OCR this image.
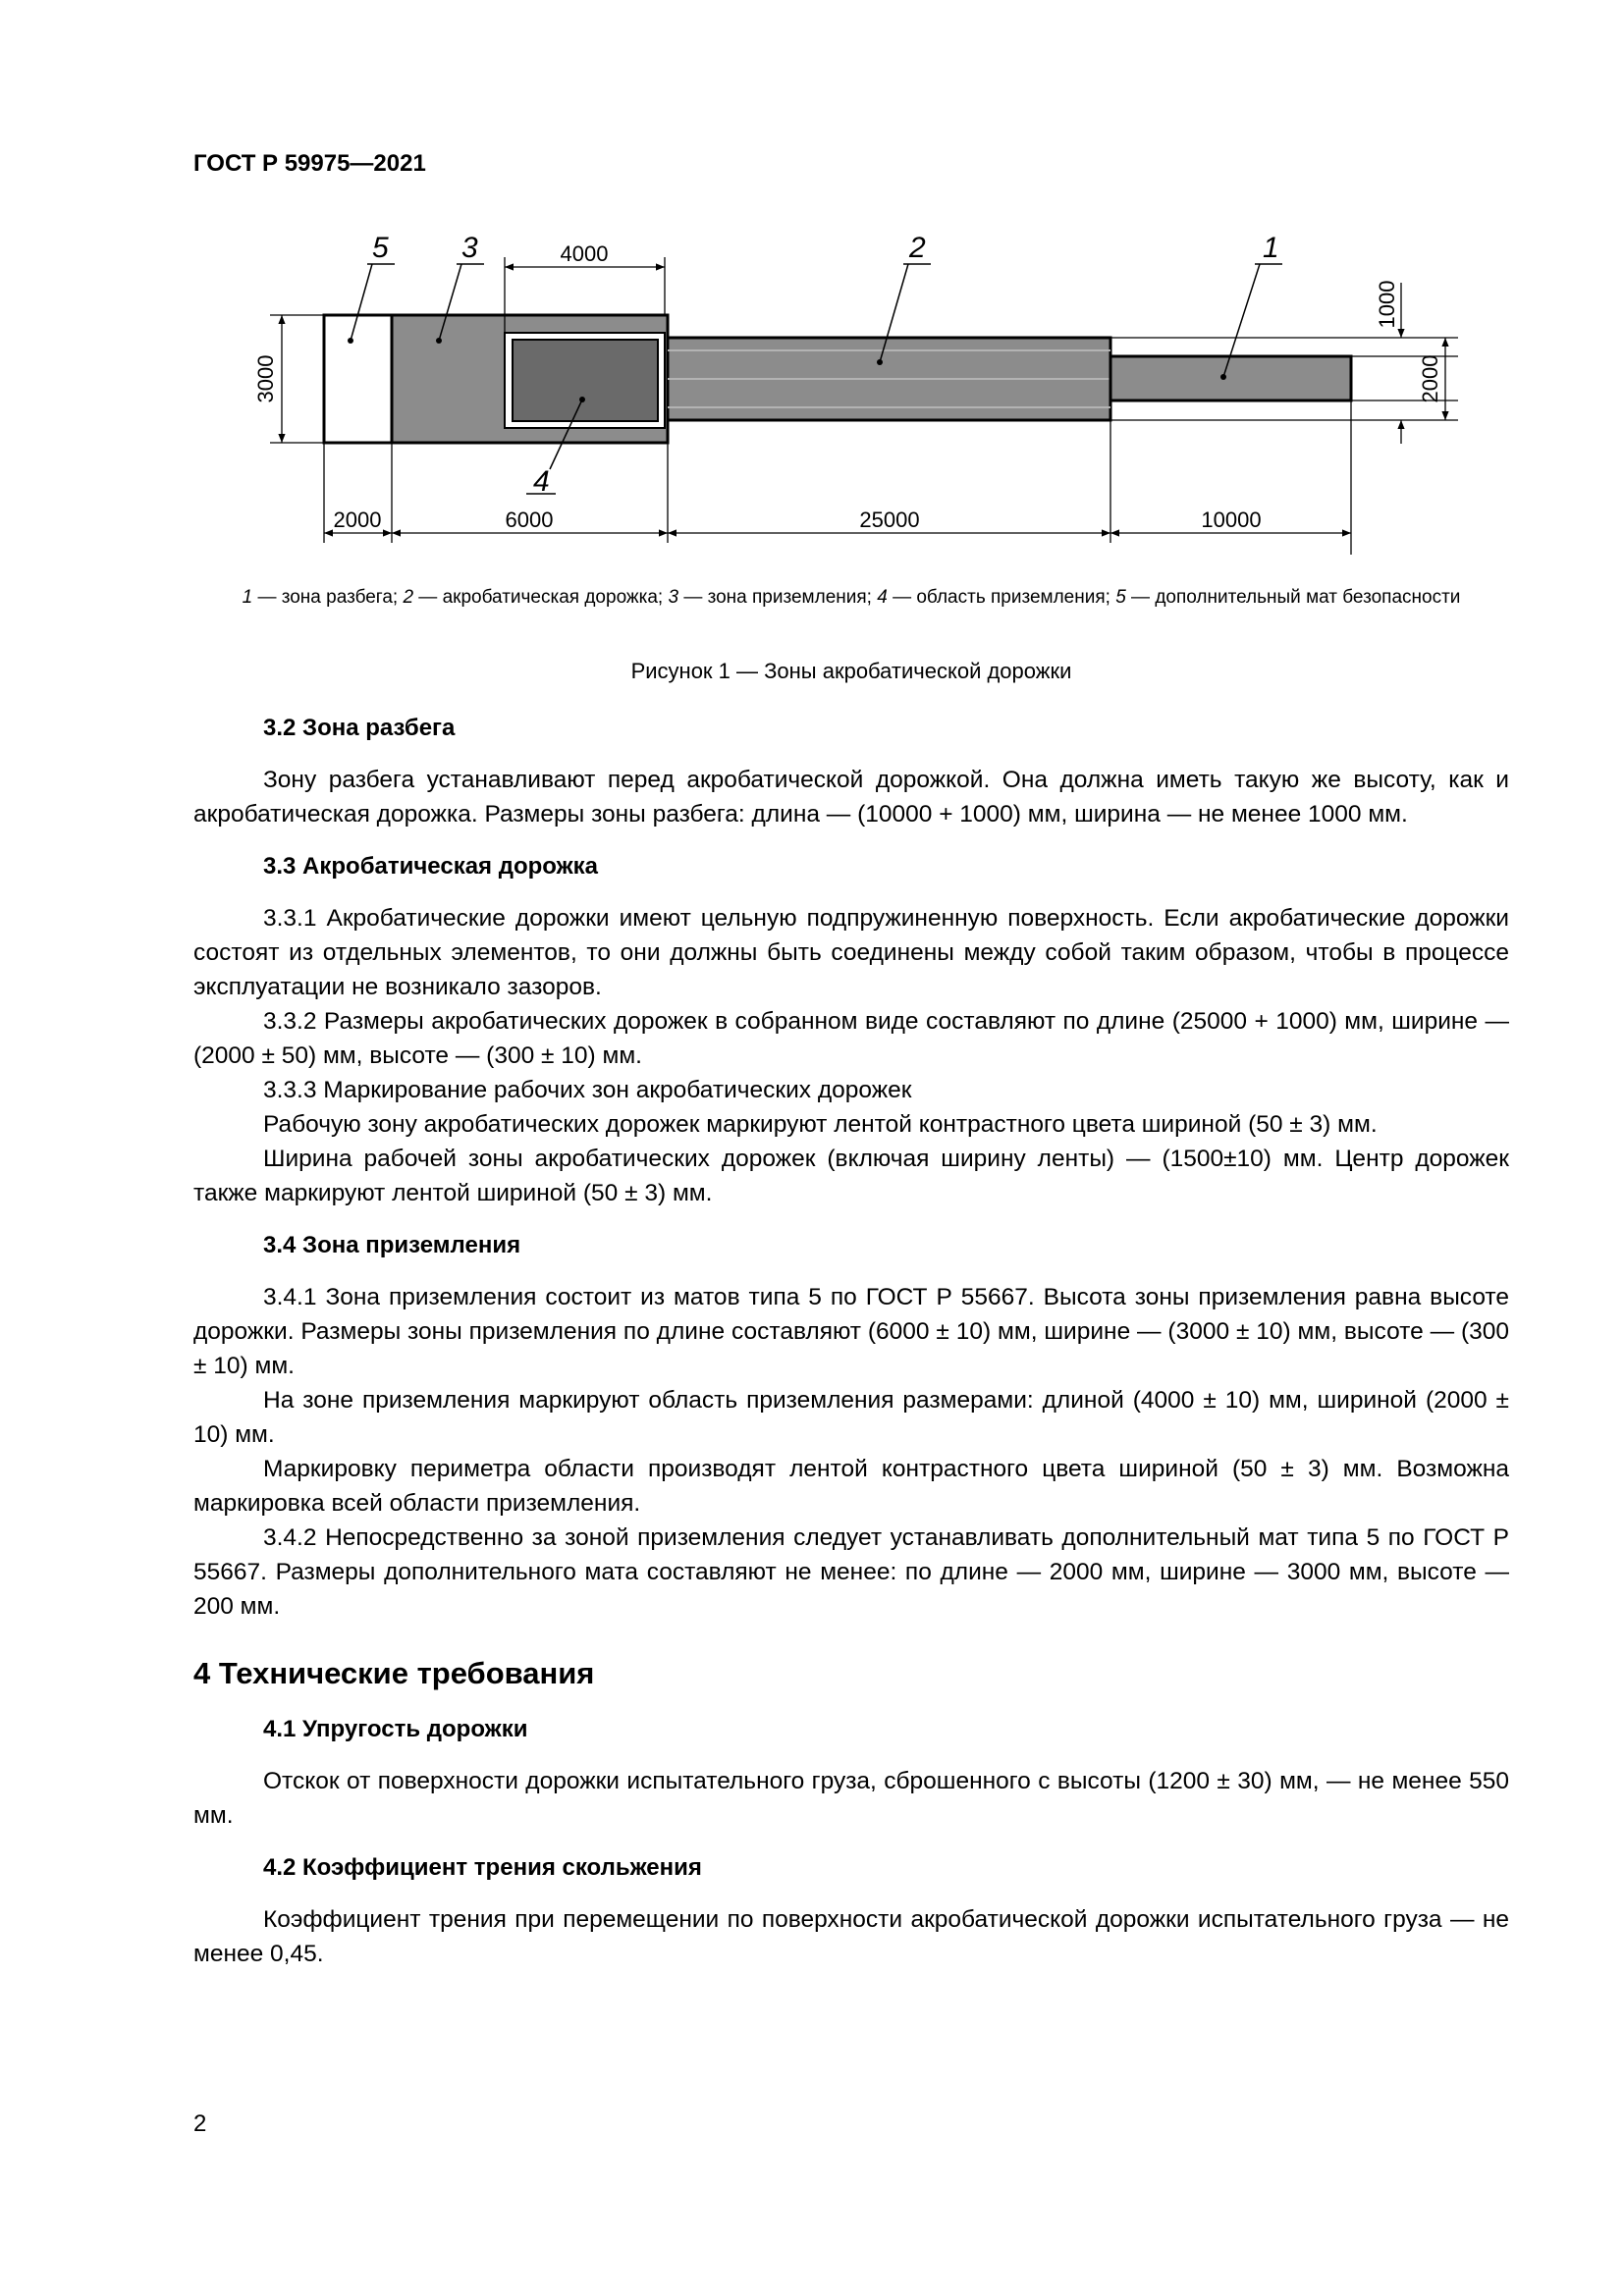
ГОСТ Р 59975—2021
5 3	2	1
4
4000
3000
1000
2000
2000	6000	25000	10000
1 — зона разбега; 2 — акробатическая дорожка; 3 — зона приземления; 4 — область приземления; 5 — дополнительный мат безопасности
Рисунок 1 — Зоны акробатической дорожки
3.2 Зона разбега

Зону разбега устанавливают перед акробатической дорожкой. Она должна иметь такую же высоту, как и акробатическая дорожка. Размеры зоны разбега: длина — (10000 + 1000) мм, ширина — не менее 1000 мм.

3.3 Акробатическая дорожка

3.3.1 Акробатические дорожки имеют цельную подпружиненную поверхность. Если акробатические дорожки состоят из отдельных элементов, то они должны быть соединены между собой таким образом, чтобы в процессе эксплуатации не возникало зазоров.

3.3.2 Размеры акробатических дорожек в собранном виде составляют по длине (25000 + 1000) мм, ширине — (2000 ± 50) мм, высоте — (300 ± 10) мм.

3.3.3 Маркирование рабочих зон акробатических дорожек

Рабочую зону акробатических дорожек маркируют лентой контрастного цвета шириной (50 ± 3) мм.

Ширина рабочей зоны акробатических дорожек (включая ширину ленты) — (1500±10) мм. Центр дорожек также маркируют лентой шириной (50 ± 3) мм.

3.4 Зона приземления

3.4.1 Зона приземления состоит из матов типа 5 по ГОСТ Р 55667. Высота зоны приземления равна высоте дорожки. Размеры зоны приземления по длине составляют (6000 ± 10) мм, ширине — (3000 ± 10) мм, высоте — (300 ± 10) мм.

На зоне приземления маркируют область приземления размерами: длиной (4000 ± 10) мм, шириной (2000 ± 10) мм.

Маркировку периметра области производят лентой контрастного цвета шириной (50 ± 3) мм. Возможна маркировка всей области приземления.

3.4.2 Непосредственно за зоной приземления следует устанавливать дополнительный мат типа 5 по ГОСТ Р 55667. Размеры дополнительного мата составляют не менее: по длине — 2000 мм, ширине — 3000 мм, высоте — 200 мм.

4 Технические требования
4.1 Упругость дорожки

Отскок от поверхности дорожки испытательного груза, сброшенного с высоты (1200 ± 30) мм, — не менее 550 мм.

4.2 Коэффициент трения скольжения

Коэффициент трения при перемещении по поверхности акробатической дорожки испытательного груза — не менее 0,45.

2
